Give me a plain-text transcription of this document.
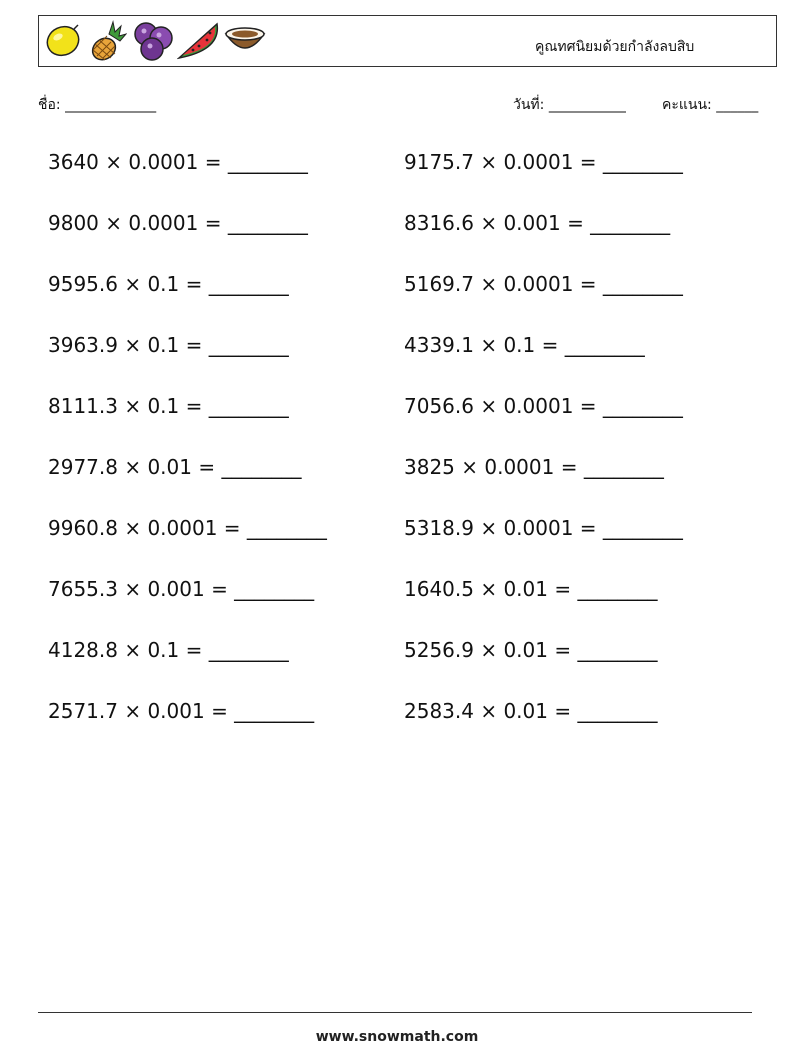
คูณทศนิยมด้วยกำลังลบสิบ
ชื่อ: _____________	วันที่: ___________	คะแนน: ______
3640 × 0.0001 = ________
9800 × 0.0001 = ________
9595.6 × 0.1 = ________
3963.9 × 0.1 = ________
8111.3 × 0.1 = ________
2977.8 × 0.01 = ________
9960.8 × 0.0001 = ________
7655.3 × 0.001 = ________
4128.8 × 0.1 = ________
2571.7 × 0.001 = ________
9175.7 × 0.0001 = ________
8316.6 × 0.001 = ________
5169.7 × 0.0001 = ________
4339.1 × 0.1 = ________
7056.6 × 0.0001 = ________
3825 × 0.0001 = ________
5318.9 × 0.0001 = ________
1640.5 × 0.01 = ________
5256.9 × 0.01 = ________
2583.4 × 0.01 = ________
www.snowmath.com
